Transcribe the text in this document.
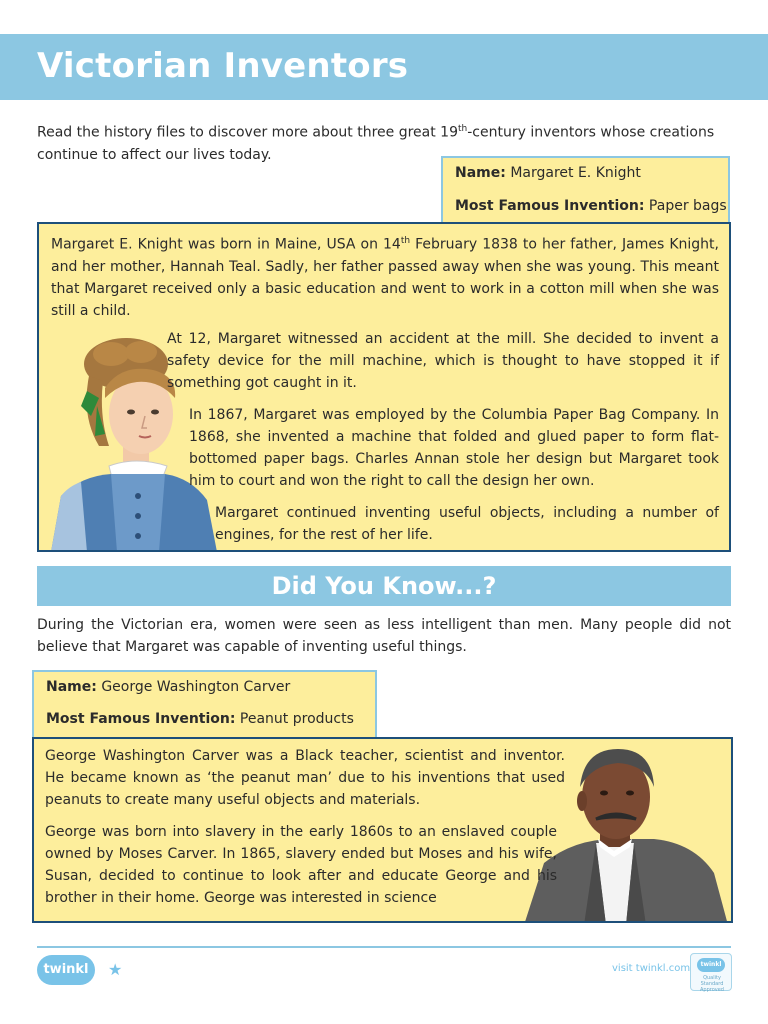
Victorian Inventors

Read the history files to discover more about three great 19th-century inventors whose creations continue to affect our lives today.

Name: Margaret E. Knight
Most Famous Invention: Paper bags

Margaret E. Knight was born in Maine, USA on 14th February 1838 to her father, James Knight, and her mother, Hannah Teal. Sadly, her father passed away when she was young. This meant that Margaret received only a basic education and went to work in a cotton mill when she was still a child.

At 12, Margaret witnessed an accident at the mill. She decided to invent a safety device for the mill machine, which is thought to have stopped it if something got caught in it.

In 1867, Margaret was employed by the Columbia Paper Bag Company. In 1868, she invented a machine that folded and glued paper to form flat-bottomed paper bags. Charles Annan stole her design but Margaret took him to court and won the right to call the design her own.

Margaret continued inventing useful objects, including a number of engines, for the rest of her life.

Did You Know...?

During the Victorian era, women were seen as less intelligent than men. Many people did not believe that Margaret was capable of inventing useful things.

Name: George Washington Carver
Most Famous Invention: Peanut products

George Washington Carver was a Black teacher, scientist and inventor. He became known as ‘the peanut man’ due to his inventions that used peanuts to create many useful objects and materials.

George was born into slavery in the early 1860s to an enslaved couple owned by Moses Carver. In 1865, slavery ended but Moses and his wife, Susan, decided to continue to look after and educate George and his brother in their home. George was interested in science

twinkl	★	visit twinkl.com	twinkl
Quality Standard Approved
